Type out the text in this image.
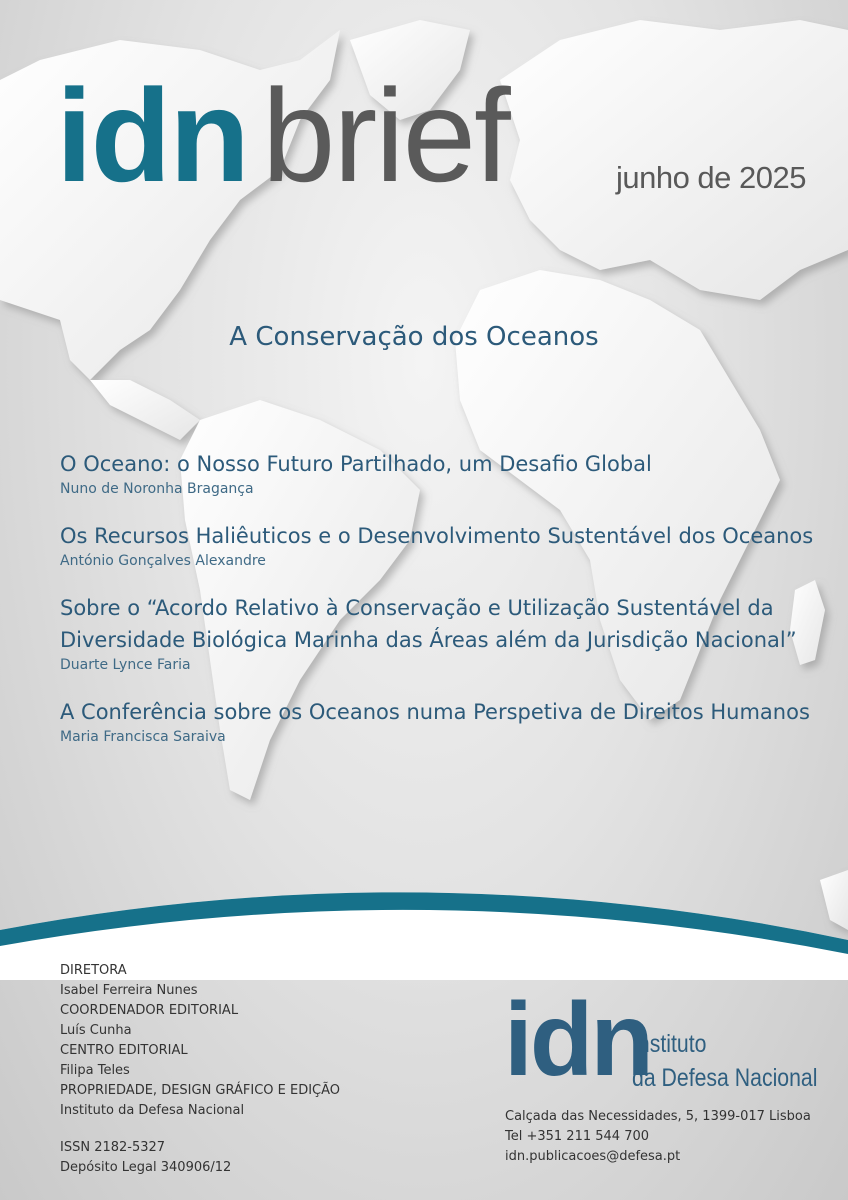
idn brief	junho de 2025
A Conservação dos Oceanos
O Oceano: o Nosso Futuro Partilhado, um Desafio Global
Nuno de Noronha Bragança
Os Recursos Haliêuticos e o Desenvolvimento Sustentável dos Oceanos
António Gonçalves Alexandre
Sobre o “Acordo Relativo à Conservação e Utilização Sustentável da
Diversidade Biológica Marinha das Áreas além da Jurisdição Nacional”
Duarte Lynce Faria
A Conferência sobre os Oceanos numa Perspetiva de Direitos Humanos
Maria Francisca Saraiva
DIRETORA
Isabel Ferreira Nunes
COORDENADOR EDITORIAL
Luís Cunha
CENTRO EDITORIAL
Filipa Teles
PROPRIEDADE, DESIGN GRÁFICO E EDIÇÃO
Instituto da Defesa Nacional
ISSN 2182-5327
Depósito Legal 340906/12
idn
Instituto
da Defesa Nacional
Calçada das Necessidades, 5, 1399-017 Lisboa
Tel +351 211 544 700
idn.publicacoes@defesa.pt
